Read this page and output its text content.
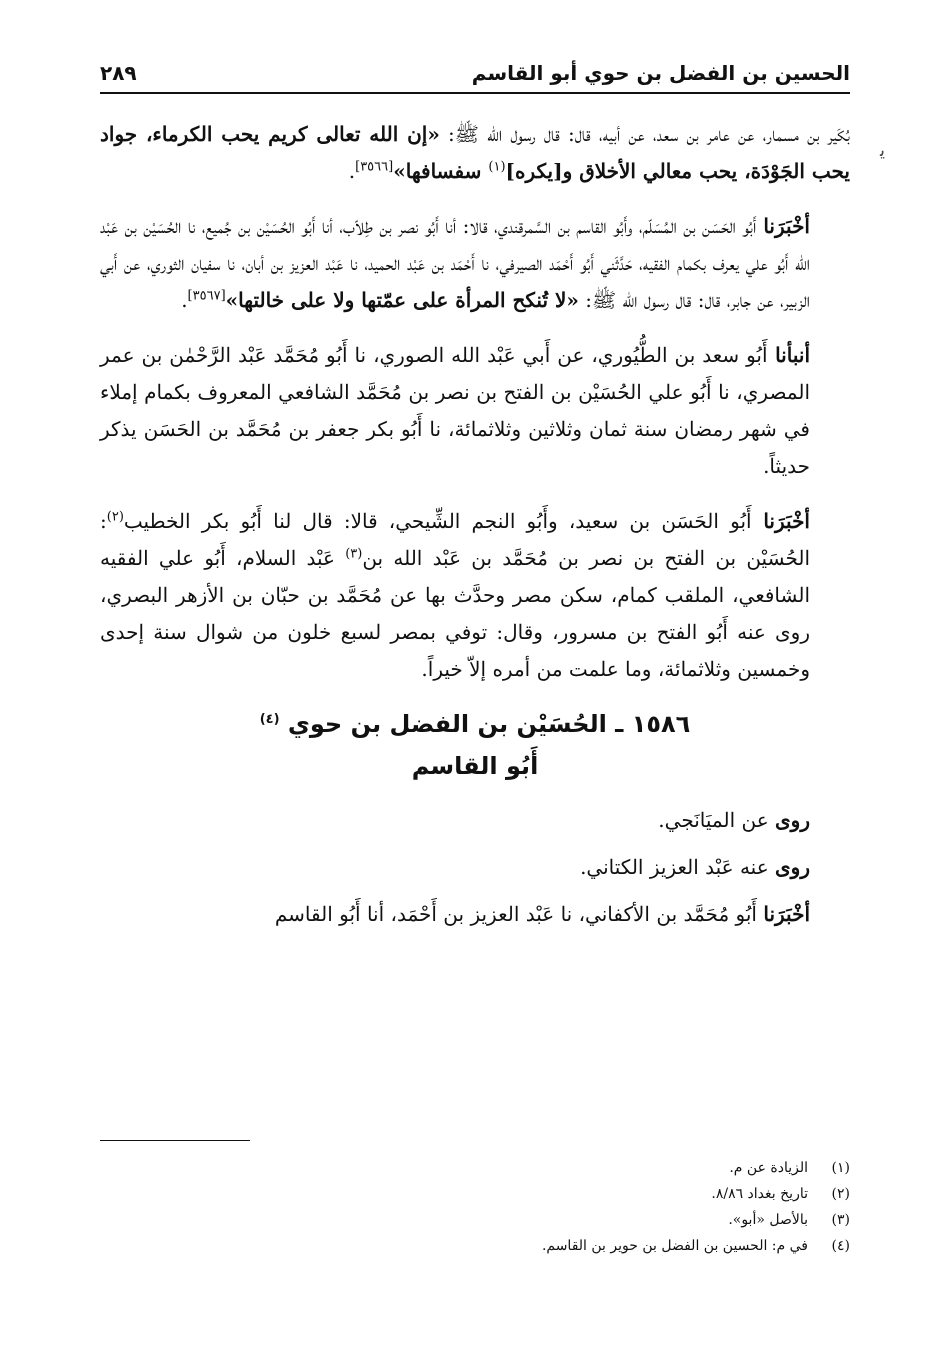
ﯾ
الحسين بن الفضل بن حوي أبو القاسم
٢٨٩

بُكَير بن مسمار، عن عامر بن سعد، عن أبيه، قال: قال رسول الله ﷺ: «إن الله تعالى كريم يحب الكرماء، جواد يحب الجَوْدَة، يحب معالي الأخلاق و[يكره]$^{(١)}$ سفسافها»[٣٥٦٦].

أخْبَرَنا أَبُو الحَسَن بن المُسَلّم، وأَبُو القاسم بن السَّمرقندي، قالا: أنا أَبُو نصر بن طِلاّب، أنا أَبُو الحُسَيْن بن جُميع، نا الحُسَيْن بن عَبْد الله أَبُو علي يعرف بكمام الفقيه، حَدَّثَني أَبُو أَحْمَد الصيرفي، نا أَحْمَد بن عَبْد الحميد، نا عَبْد العزيز بن أبان، نا سفيان الثوري، عن أَبي الزبير، عن جابر، قال: قال رسول الله ﷺ: «لا تُنكح المرأة على عمّتها ولا على خالتها»[٣٥٦٧].

أنبأنا أَبُو سعد بن الطُّيُوري، عن أَبي عَبْد الله الصوري، نا أَبُو مُحَمَّد عَبْد الرَّحْمٰن بن عمر المصري، نا أَبُو علي الحُسَيْن بن الفتح بن نصر بن مُحَمَّد الشافعي المعروف بكمام إملاء في شهر رمضان سنة ثمان وثلاثين وثلاثمائة، نا أَبُو بكر جعفر بن مُحَمَّد بن الحَسَن يذكر حديثاً.

أخْبَرَنا أَبُو الحَسَن بن سعيد، وأَبُو النجم الشِّيحي، قالا: قال لنا أَبُو بكر الخطيب$^{(٢)}$: الحُسَيْن بن الفتح بن نصر بن مُحَمَّد بن عَبْد الله بن$^{(٣)}$ عَبْد السلام، أَبُو علي الفقيه الشافعي، الملقب كمام، سكن مصر وحدَّث بها عن مُحَمَّد بن حبّان بن الأزهر البصري، روى عنه أَبُو الفتح بن مسرور، وقال: توفي بمصر لسبع خلون من شوال سنة إحدى وخمسين وثلاثمائة، وما علمت من أمره إلاّ خيراً.

١٥٨٦ ـ الحُسَيْن بن الفضل بن حوي $^{(٤)}$
أَبُو القاسم
روى عن الميَانَجي.
روى عنه عَبْد العزيز الكتاني.

أخْبَرَنا أَبُو مُحَمَّد بن الأكفاني، نا عَبْد العزيز بن أَحْمَد، أنا أَبُو القاسم

(١)
الزيادة عن م.
(٢)
تاريخ بغداد ٨/٨٦.
(٣)
بالأصل «أبو».
(٤)
في م: الحسين بن الفضل بن حوير بن القاسم.
